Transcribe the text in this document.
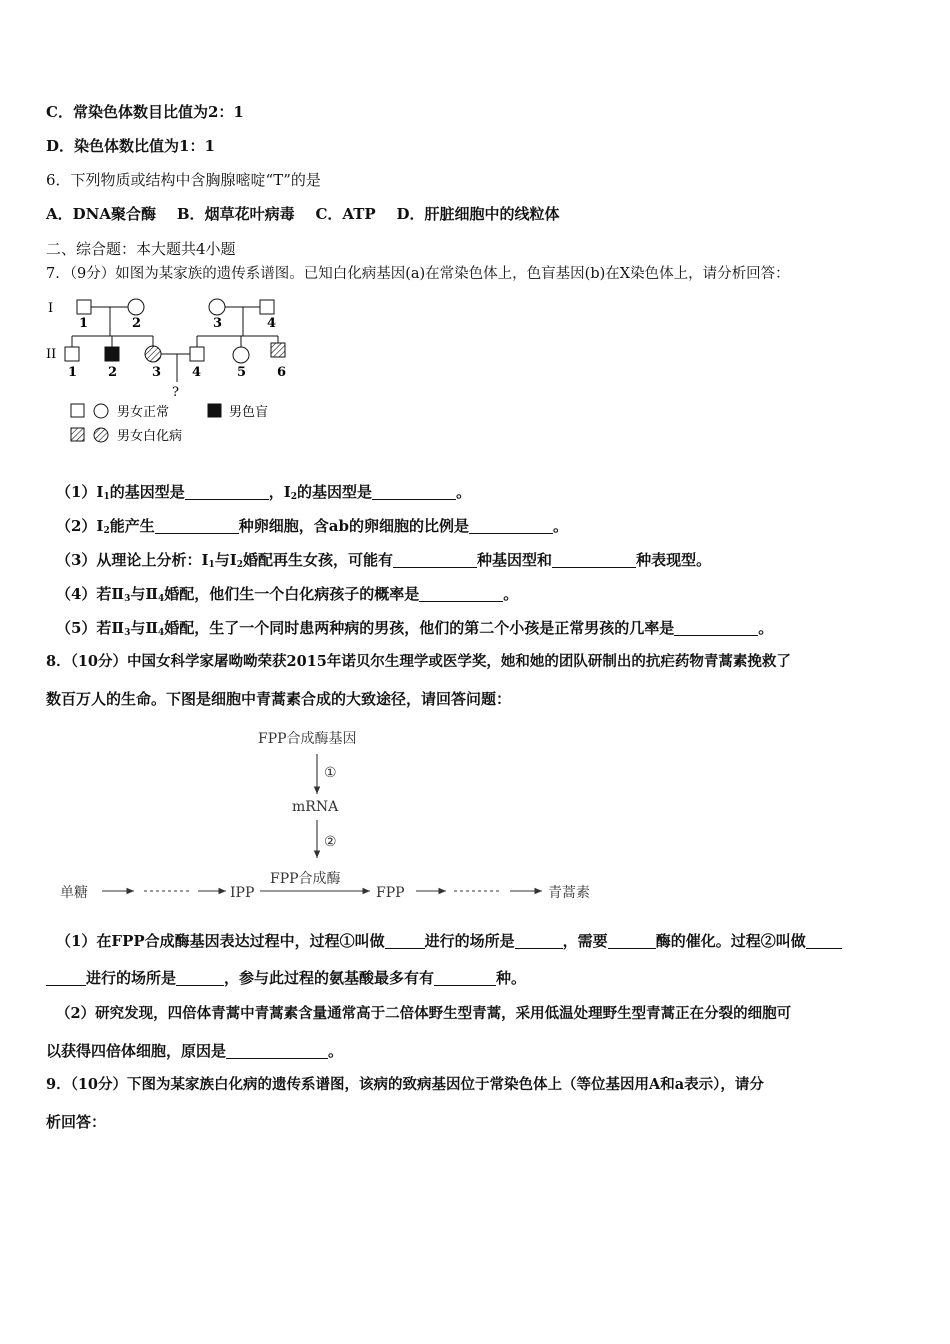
C．常染色体数目比值为2：1
D．染色体数比值为1：1
6．下列物质或结构中含胸腺嘧啶“T”的是
A．DNA聚合酶    B．烟草花叶病毒    C．ATP    D．肝脏细胞中的线粒体
二、综合题：本大题共4小题
7．（9分）如图为某家族的遗传系谱图。已知白化病基因(a)在常染色体上，色盲基因(b)在X染色体上，请分析回答：
I
II
1	2	3	4
1 2	3 4	5 6
?
男女正常	男色盲
男女白化病
$(1)Ⅰ_1$的基因型是	，$Ⅰ_2$的基因型是	。
$(2)Ⅰ_2$能产生	种卵细胞，含ab的卵细胞的比例是	。
（3）从理论上分析：$Ⅰ_1$与$Ⅰ_2$婚配再生女孩，可能有	种基因型和	种表现型。
（4）若$Ⅱ_3$与$Ⅱ_4$婚配，他们生一个白化病孩子的概率是	。
（5）若$Ⅱ_3$与$Ⅱ_4$婚配，生了一个同时患两种病的男孩，他们的第二个小孩是正常男孩的几率是	。
8．（10分）中国女科学家屠呦呦荣获2015年诺贝尔生理学或医学奖，她和她的团队研制出的抗疟药物青蒿素挽救了
数百万人的生命。下图是细胞中青蒿素合成的大致途径，请回答问题：
FPP合成酶基因
①
mRNA
②
FPP合成酶
单糖	IPP	FPP	青蒿素
（1）在FPP合成酶基因表达过程中，过程①叫做	进行的场所是	，需要	酶的催化。过程②叫做
进行的场所是	，参与此过程的氨基酸最多有有	种。
（2）研究发现，四倍体青蒿中青蒿素含量通常高于二倍体野生型青蒿，采用低温处理野生型青蒿正在分裂的细胞可
以获得四倍体细胞，原因是	。
9．（10分）下图为某家族白化病的遗传系谱图，该病的致病基因位于常染色体上（等位基因用A和a表示），请分
析回答：
